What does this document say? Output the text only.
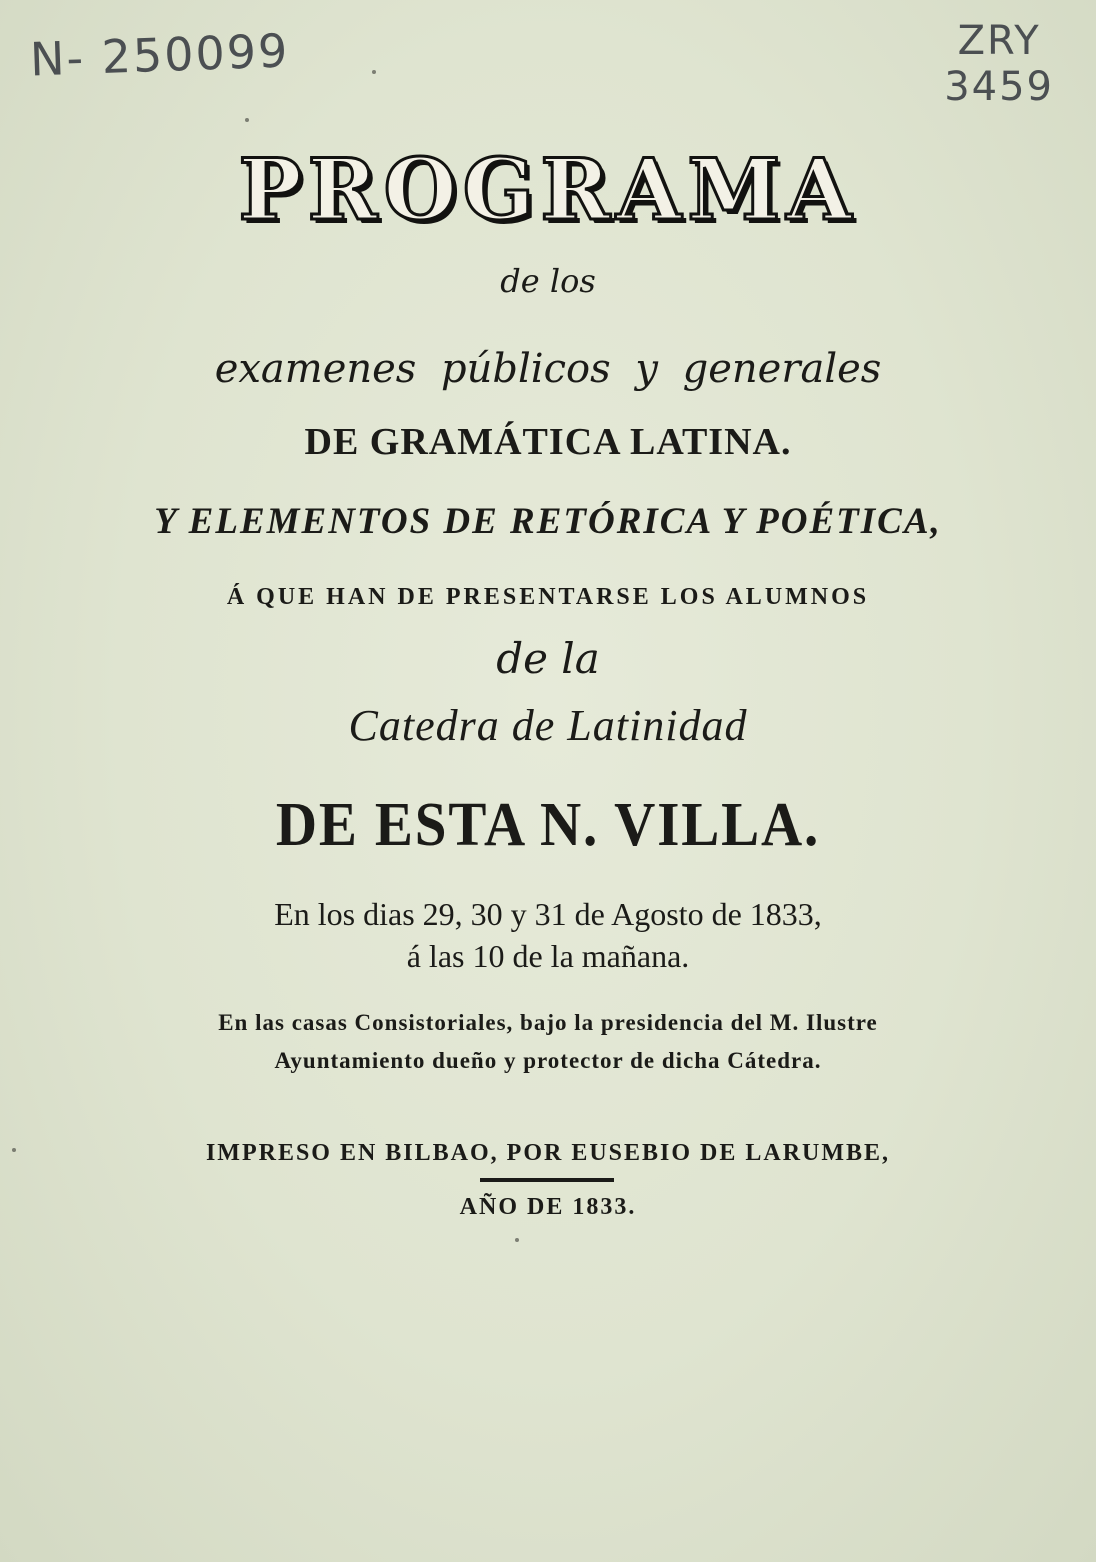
N- 250099	ZRY
3459
PROGRAMA
de los
examenes públicos y generales
DE GRAMÁTICA LATINA.
Y ELEMENTOS DE RETÓRICA Y POÉTICA,
Á QUE HAN DE PRESENTARSE LOS ALUMNOS
de la
Catedra de Latinidad
DE ESTA N. VILLA.
En los dias 29, 30 y 31 de Agosto de 1833,
á las 10 de la mañana.
En las casas Consistoriales, bajo la presidencia del M. Ilustre
Ayuntamiento dueño y protector de dicha Cátedra.
IMPRESO EN BILBAO, POR EUSEBIO DE LARUMBE,
AÑO DE 1833.
